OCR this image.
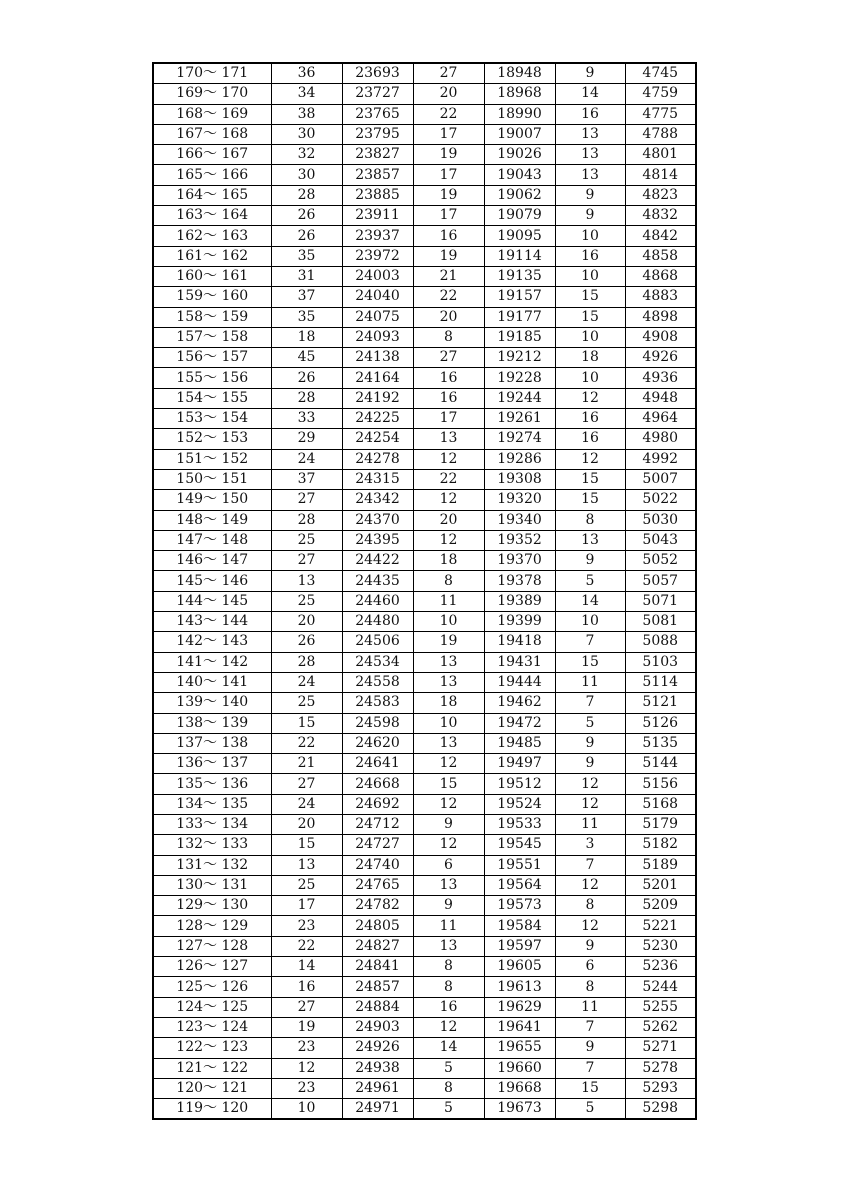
170～ 171	36	23693	27	18948	9	4745
169～ 170	34	23727	20	18968	14	4759
168～ 169	38	23765	22	18990	16	4775
167～ 168	30	23795	17	19007	13	4788
166～ 167	32	23827	19	19026	13	4801
165～ 166	30	23857	17	19043	13	4814
164～ 165	28	23885	19	19062	9	4823
163～ 164	26	23911	17	19079	9	4832
162～ 163	26	23937	16	19095	10	4842
161～ 162	35	23972	19	19114	16	4858
160～ 161	31	24003	21	19135	10	4868
159～ 160	37	24040	22	19157	15	4883
158～ 159	35	24075	20	19177	15	4898
157～ 158	18	24093	8	19185	10	4908
156～ 157	45	24138	27	19212	18	4926
155～ 156	26	24164	16	19228	10	4936
154～ 155	28	24192	16	19244	12	4948
153～ 154	33	24225	17	19261	16	4964
152～ 153	29	24254	13	19274	16	4980
151～ 152	24	24278	12	19286	12	4992
150～ 151	37	24315	22	19308	15	5007
149～ 150	27	24342	12	19320	15	5022
148～ 149	28	24370	20	19340	8	5030
147～ 148	25	24395	12	19352	13	5043
146～ 147	27	24422	18	19370	9	5052
145～ 146	13	24435	8	19378	5	5057
144～ 145	25	24460	11	19389	14	5071
143～ 144	20	24480	10	19399	10	5081
142～ 143	26	24506	19	19418	7	5088
141～ 142	28	24534	13	19431	15	5103
140～ 141	24	24558	13	19444	11	5114
139～ 140	25	24583	18	19462	7	5121
138～ 139	15	24598	10	19472	5	5126
137～ 138	22	24620	13	19485	9	5135
136～ 137	21	24641	12	19497	9	5144
135～ 136	27	24668	15	19512	12	5156
134～ 135	24	24692	12	19524	12	5168
133～ 134	20	24712	9	19533	11	5179
132～ 133	15	24727	12	19545	3	5182
131～ 132	13	24740	6	19551	7	5189
130～ 131	25	24765	13	19564	12	5201
129～ 130	17	24782	9	19573	8	5209
128～ 129	23	24805	11	19584	12	5221
127～ 128	22	24827	13	19597	9	5230
126～ 127	14	24841	8	19605	6	5236
125～ 126	16	24857	8	19613	8	5244
124～ 125	27	24884	16	19629	11	5255
123～ 124	19	24903	12	19641	7	5262
122～ 123	23	24926	14	19655	9	5271
121～ 122	12	24938	5	19660	7	5278
120～ 121	23	24961	8	19668	15	5293
119～ 120	10	24971	5	19673	5	5298
